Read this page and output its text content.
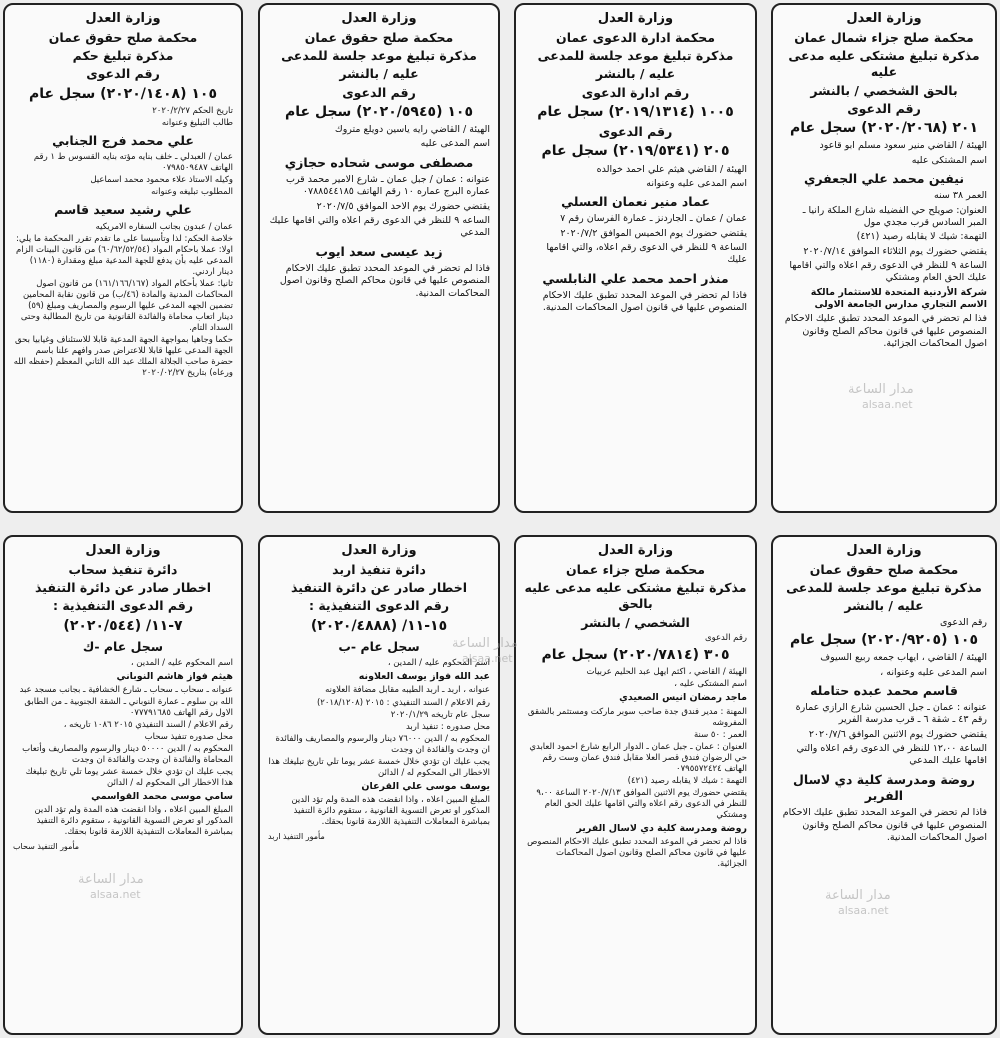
وزارة العدل
محكمة صلح جزاء شمال عمان
مذكرة تبليغ مشتكى عليه مدعى عليه
بالحق الشخصي / بالنشر
رقم الدعوى
٢٠١ (٢٠٢٠/٢٠٦٨) سجل عام
الهيئة / القاضي منير سعود مسلم ابو قاعود
اسم المشتكى عليه
نيفين محمد علي الجعفري
العمر ٣٨ سنه
العنوان: صويلح حي الفضيله شارع الملكة رانيا ـ المبر السادس قرب مجدي مول
التهمة: شيك لا يقابله رصيد (٤٢١)
يقتضي حضورك يوم الثلاثاء الموافق ٢٠٢٠/٧/١٤
الساعة ٩ للنظر في الدعوى رقم اعلاه والتي اقامها عليك الحق العام ومشتكي
شركة الأردنية المتحدة للاستثمار مالكة الاسم التجاري مدارس الجامعة الاولى
فذا لم تحضر في الموعد المحدد تطبق عليك الاحكام المنصوص عليها في قانون محاكم الصلح وقانون اصول المحاكمات الجزائية.
وزارة العدل
محكمة ادارة الدعوى عمان
مذكرة تبليغ موعد جلسة للمدعى
عليه / بالنشر
رقم ادارة الدعوى
١٠٠٥ (٢٠١٩/١٣١٤) سجل عام
رقم الدعوى
٢٠٥ (٢٠١٩/٥٣٤١) سجل عام
الهيئة / القاضي هيثم علي احمد خوالده
اسم المدعى عليه وعنوانه
عماد منير نعمان العسلي
عمان / عمان ـ الجاردنز ـ عمارة الفرسان رقم ٧
يقتضي حضورك يوم الخميس الموافق ٢٠٢٠/٧/٢
الساعة ٩ للنظر في الدعوى رقم اعلاه، والتي اقامها عليك
منذر احمد محمد علي النابلسي
فاذا لم تحضر في الموعد المحدد تطبق عليك الاحكام المنصوص عليها في قانون اصول المحاكمات المدنية.
وزارة العدل
محكمة صلح حقوق عمان
مذكرة تبليغ موعد جلسة للمدعى
عليه / بالنشر
رقم الدعوى
١٠٥ (٢٠٢٠/٥٩٤٥) سجل عام
الهيئة / القاضي رايه ياسين دويلع متروك
اسم المدعى عليه
مصطفى موسى شحاده حجازي
عنوانه : عمان / جبل عمان ـ شارع الامير محمد قرب عماره البرج عماره ١٠ رقم الهاتف ٠٧٨٨٥٤٤١٨٥
يقتضي حضورك يوم الاحد الموافق ٢٠٢٠/٧/٥
الساعه ٩ للنظر في الدعوى رقم اعلاه والتي اقامها عليك المدعي
زيد عيسى سعد ايوب
فاذا لم تحضر في الموعد المحدد تطبق عليك الاحكام المنصوص عليها في قانون محاكم الصلح وقانون اصول المحاكمات المدنية.
وزارة العدل
محكمة صلح حقوق عمان
مذكرة تبليغ حكم
رقم الدعوى
١٠٥ (٢٠٢٠/١٤٠٨) سجل عام
تاريخ الحكم ٢٠٢٠/٢/٢٧
طالب التبليغ وعنوانه
علي محمد فرج الجنابي
عمان / العبدلي ـ خلف بنايه مؤته بنايه القسوس ط ١ رقم الهاتف ٠٧٩٨٥٠٩٤٨٧
وكيله الاستاذ علاء محمود محمد اسماعيل
المطلوب تبليغه وعنوانه
علي رشيد سعيد قاسم
عمان / عبدون بجانب السفاره الامريكيه
خلاصة الحكم: لذا وتأسيسا على ما تقدم تقرر المحكمة ما يلي: اولا: عملا باحكام المواد (٦٠/٦٢/٥٢/٥٤) من قانون البينات الزام المدعى عليه بأن يدفع للجهة المدعية مبلغ ومقدارة (١١٨٠) دينار اردني.
ثانيا: عملا بأحكام المواد (١٦١/١٦٦/١٦٧) من قانون اصول المحاكمات المدنية والمادة (٤٦/ب) من قانون نقابة المحامين تضمين الجهه المدعى عليها الرسوم والمصاريف ومبلغ (٥٩) دينار اتعاب محاماة والفائدة القانونية من تاريخ المطالبة وحتى السداد التام.
حكما وجاهيا بمواجهة الجهة المدعية قابلا للاستئناف وغيابيا بحق الجهة المدعى عليها قابلا للاعتراض صدر وافهم علنا باسم حضرة صاحب الجلالة الملك عبد الله الثاني المعظم (حفظه الله ورعاه) بتاريخ ٢٠٢٠/٠٢/٢٧
وزارة العدل
محكمة صلح حقوق عمان
مذكرة تبليغ موعد جلسة للمدعى
عليه / بالنشر
رقم الدعوى
١٠٥ (٢٠٢٠/٩٢٠٥) سجل عام
الهيئة / القاضي ، ايهاب جمعه ربيع السيوف
اسم المدعى عليه وعنوانه ،
قاسم محمد عبده حتامله
عنوانه : عمان ـ جبل الحسين شارع الرازي عمارة رقم ٤٣ ـ شقة ٦ ـ قرب مدرسة الفرير
يقتضي حضورك يوم الاثنين الموافق ٢٠٢٠/٧/٦
الساعة ١٢،٠٠ للنظر في الدعوى رقم اعلاه والتي اقامها عليك المدعي
روضة ومدرسة كلية دي لاسال الفرير
فاذا لم تحضر في الموعد المحدد تطبق عليك الاحكام المنصوص عليها في قانون محاكم الصلح وقانون اصول المحاكمات المدنية.
وزارة العدل
محكمة صلح جزاء عمان
مذكرة تبليغ مشتكى عليه مدعى عليه بالحق
الشخصي / بالنشر
رقم الدعوى
٣٠٥ (٢٠٢٠/٧٨١٤) سجل عام
الهيئة / القاضي ، اكثم ايهل عبد الحليم عربيات
اسم المشتكى عليه ،
ماجد رمضان انيس الصعيدي
المهنة : مدير فندق جدة صاحب سوبر ماركت ومستثمر بالشقق المفروشه
العمر : ٥٠ سنة
العنوان : عمان ـ جبل عمان ـ الدوار الرابع شارع احمود العابدي حي الرضوان فندق قصر العلا مقابل فندق عمان وست رقم الهاتف ٠٧٩٥٥٧٢٤٢٤
التهمة : شيك لا يقابله رصيد (٤٢١)
يقتضي حضورك يوم الاثنين الموافق ٢٠٢٠/٧/١٣ الساعة ٩،٠٠ للنظر في الدعوى رقم اعلاه والتي اقامها عليك الحق العام ومشتكي
روضة ومدرسة كلية دي لاسال الفرير
فاذا لم تحضر في الموعد المحدد تطبق عليك الاحكام المنصوص عليها في قانون محاكم الصلح وقانون اصول المحاكمات الجزائية.
وزارة العدل
دائرة تنفيذ اربد
اخطار صادر عن دائرة التنفيذ
رقم الدعوى التنفيذية :
١٥-١١/ (٢٠٢٠/٤٨٨٨)
سجل عام -ب
اسم المحكوم عليه / المدين ،
عبد الله فواز يوسف العلاونه
عنوانه ، اربد ـ اربد الطيبه مقابل مضافة العلاونه
رقم الاعلام / السند التنفيذي : ٢٠١٥ (٢٠١٨/١٢٠٨)
سجل عام تاريخه ٢٠٢٠/١/٢٩
محل صدوره : تنفيذ اربد
المحكوم به / الدين ٧٦٠٠٠ دينار والرسوم والمصاريف والفائدة ان وجدت والفائدة ان وجدت
يجب عليك ان تؤدي خلال خمسة عشر يوما تلي تاريخ تبليغك هذا الاخطار الى المحكوم له / الدائن
يوسف موسى علي القرعان
المبلغ المبين اعلاه ، واذا انقضت هذه المدة ولم تؤد الدين المذكور او تعرض التسوية القانونية ، ستقوم دائرة التنفيذ بمباشرة المعاملات التنفيذية اللازمة قانونا بحقك.
مأمور التنفيذ اربد
وزارة العدل
دائرة تنفيذ سحاب
اخطار صادر عن دائرة التنفيذ
رقم الدعوى التنفيذية :
٧-١١/ (٢٠٢٠/٥٤٤)
سجل عام -ك
اسم المحكوم عليه / المدين ،
هيثم فواز هاشم النوباني
عنوانه ـ سحاب ـ سحاب ـ شارع الخشافية ـ بجانب مسجد عبد الله بن سلوم ـ عمارة النوباني ـ الشقة الجنوبية ـ من الطابق الاول رقم الهاتف ٠٧٧٧٩١٦٨٥
رقم الاعلام / السند التنفيذي ٢٠١٥ ١٠٨٦ تاريخه ،
محل صدوره تنفيذ سحاب
المحكوم به / الدين ٥٠٠٠٠ دينار والرسوم والمصاريف وأتعاب المحاماة والفائدة ان وجدت والفائدة ان وجدت
يجب عليك ان تؤدي خلال خمسة عشر يوما تلي تاريخ تبليغك هذا الاخطار الى المحكوم له / الدائن
سامي موسى محمد القواسمي
المبلغ المبين اعلاه ، واذا انقضت هذه المدة ولم تؤد الدين المذكور او تعرض التسوية القانونية ، ستقوم دائرة التنفيذ بمباشرة المعاملات التنفيذية اللازمة قانونا بحقك.
مأمور التنفيذ سحاب
مدار الساعة
alsaa.net
مدار الساعة
alsaa.net
مدار الساعة
alsaa.net	مدار الساعة
alsaa.net
